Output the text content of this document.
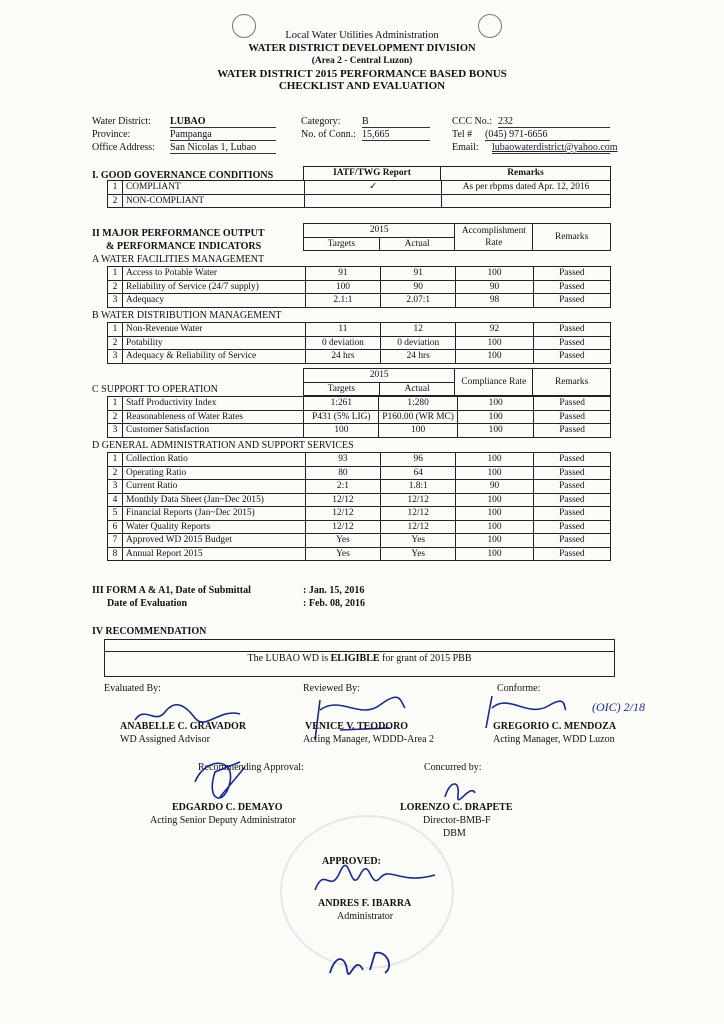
Local Water Utilities Administration
WATER DISTRICT DEVELOPMENT DIVISION
(Area 2 - Central Luzon)
WATER DISTRICT 2015 PERFORMANCE BASED BONUS
CHECKLIST AND EVALUATION
Water District: LUBAO
Province:	Pampanga
Office Address: San Nicolas 1, Lubao
Category: B
No. of Conn.: 15,665
CCC No.: 232
Tel # (045) 971-6656
Email: lubaowaterdistrict@yahoo.com
I. GOOD GOVERNANCE CONDITIONS
		IATF/TWG Report	Remarks
1	COMPLIANT	✓	As per rbpms dated Apr. 12, 2016
2	NON-COMPLIANT		
II MAJOR PERFORMANCE OUTPUT
& PERFORMANCE INDICATORS
2015		Accomplishment
Rate	Remarks
Targets	Actual		
A WATER FACILITIES MANAGEMENT
1	Access to Potable Water	91	91	100	Passed
2	Reliability of Service (24/7 supply)	100	90	90	Passed
3	Adequacy	2.1:1	2.07:1	98	Passed
B WATER DISTRIBUTION MANAGEMENT
1	Non-Revenue Water	11	12	92	Passed
2	Potability	0 deviation	0 deviation	100	Passed
3	Adequacy & Reliability of Service	24 hrs	24 hrs	100	Passed
2015		Compliance Rate	Remarks
Targets	Actual		
C SUPPORT TO OPERATION
1	Staff Productivity Index	1:261	1:280	100	Passed
2	Reasonableness of Water Rates	P431 (5% LIG)	P160.00 (WR MC)	100	Passed
3	Customer Satisfaction	100	100	100	Passed
D GENERAL ADMINISTRATION AND SUPPORT SERVICES
1	Collection Ratio	93	96	100	Passed
2	Operating Ratio	80	64	100	Passed
3	Current Ratio	2:1	1.8:1	90	Passed
4	Monthly Data Sheet (Jan~Dec 2015)	12/12	12/12	100	Passed
5	Financial Reports (Jan~Dec 2015)	12/12	12/12	100	Passed
6	Water Quality Reports	12/12	12/12	100	Passed
7	Approved WD 2015 Budget	Yes	Yes	100	Passed
8	Annual Report 2015	Yes	Yes	100	Passed
III FORM A & A1, Date of Submittal
Date of Evaluation
: Jan. 15, 2016
: Feb. 08, 2016
IV RECOMMENDATION
The LUBAO WD is ELIGIBLE for grant of 2015 PBB
Evaluated By:	Reviewed By:	Conforme:
ANABELLE C. GRAVADOR
WD Assigned Advisor
VENICE V. TEODORO
Acting Manager, WDDD-Area 2
(OIC) 2/18
GREGORIO C. MENDOZA
Acting Manager, WDD Luzon
Recommending Approval:	Concurred by:
EDGARDO C. DEMAYO
Acting Senior Deputy Administrator
LORENZO C. DRAPETE
Director-BMB-F
DBM
APPROVED:
ANDRES F. IBARRA
Administrator
